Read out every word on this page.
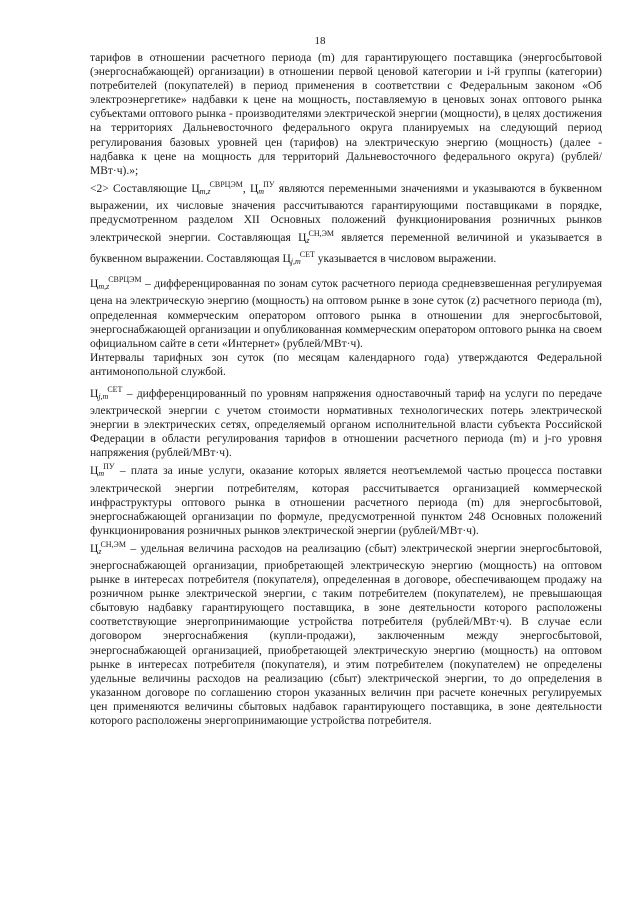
18

тарифов в отношении расчетного периода (m) для гарантирующего поставщика (энергосбытовой (энергоснабжающей) организации) в отношении первой ценовой категории и i-й группы (категории) потребителей (покупателей) в период применения в соответствии с Федеральным законом «Об электроэнергетике» надбавки к цене на мощность, поставляемую в ценовых зонах оптового рынка субъектами оптового рынка - производителями электрической энергии (мощности), в целях достижения на территориях Дальневосточного федерального округа планируемых на следующий период регулирования базовых уровней цен (тарифов) на электрическую энергию (мощность) (далее - надбавка к цене на мощность для территорий Дальневосточного федерального округа) (рублей/МВт·ч).»;

<2> Составляющие $Ц_{m,z}^{СВРЦЭМ}$, $Ц_m^{ПУ}$ являются переменными значениями и указываются в буквенном выражении, их числовые значения рассчитываются гарантирующими поставщиками в порядке, предусмотренном разделом XII Основных положений функционирования розничных рынков электрической энергии. Составляющая $Ц_z^{СН,ЭМ}$ является переменной величиной и указывается в буквенном выражении. Составляющая $Ц_{j,m}^{СЕТ}$ указывается в числовом выражении.

$Ц_{m,z}^{СВРЦЭМ}$ – дифференцированная по зонам суток расчетного периода средневзвешенная регулируемая цена на электрическую энергию (мощность) на оптовом рынке в зоне суток (z) расчетного периода (m), определенная коммерческим оператором оптового рынка в отношении для энергосбытовой, энергоснабжающей организации и опубликованная коммерческим оператором оптового рынка на своем официальном сайте в сети «Интернет» (рублей/МВт·ч).

Интервалы тарифных зон суток (по месяцам календарного года) утверждаются Федеральной антимонопольной службой.

$Ц_{j,m}^{СЕТ}$ – дифференцированный по уровням напряжения одноставочный тариф на услуги по передаче электрической энергии с учетом стоимости нормативных технологических потерь электрической энергии в электрических сетях, определяемый органом исполнительной власти субъекта Российской Федерации в области регулирования тарифов в отношении расчетного периода (m) и j-го уровня напряжения (рублей/МВт·ч).

$Ц_m^{ПУ}$ – плата за иные услуги, оказание которых является неотъемлемой частью процесса поставки электрической энергии потребителям, которая рассчитывается организацией коммерческой инфраструктуры оптового рынка в отношении расчетного периода (m) для энергосбытовой, энергоснабжающей организации по формуле, предусмотренной пунктом 248 Основных положений функционирования розничных рынков электрической энергии (рублей/МВт·ч).

$Ц_z^{СН,ЭМ}$ – удельная величина расходов на реализацию (сбыт) электрической энергии энергосбытовой, энергоснабжающей организации, приобретающей электрическую энергию (мощность) на оптовом рынке в интересах потребителя (покупателя), определенная в договоре, обеспечивающем продажу на розничном рынке электрической энергии, с таким потребителем (покупателем), не превышающая сбытовую надбавку гарантирующего поставщика, в зоне деятельности которого расположены соответствующие энергопринимающие устройства потребителя (рублей/МВт·ч). В случае если договором энергоснабжения (купли-продажи), заключенным между энергосбытовой, энергоснабжающей организацией, приобретающей электрическую энергию (мощность) на оптовом рынке в интересах потребителя (покупателя), и этим потребителем (покупателем) не определены удельные величины расходов на реализацию (сбыт) электрической энергии, то до определения в указанном договоре по соглашению сторон указанных величин при расчете конечных регулируемых цен применяются величины сбытовых надбавок гарантирующего поставщика, в зоне деятельности которого расположены энергопринимающие устройства потребителя.
